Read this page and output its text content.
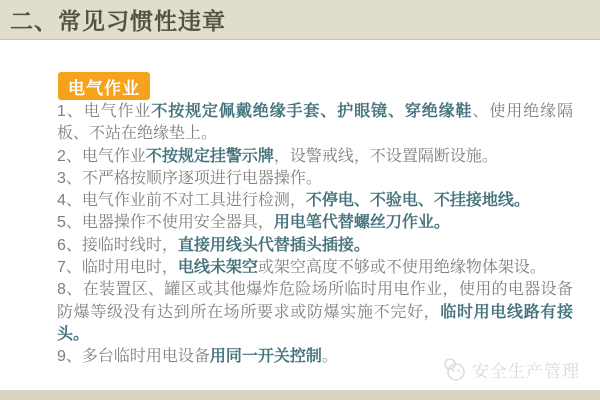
二、常见习惯性违章
电气作业

1、电气作业不按规定佩戴绝缘手套、护眼镜、穿绝缘鞋、使用绝缘隔板、不站在绝缘垫上。

2、电气作业不按规定挂警示牌，设警戒线，不设置隔断设施。

3、不严格按顺序逐项进行电器操作。

4、电气作业前不对工具进行检测，不停电、不验电、不挂接地线。

5、电器操作不使用安全器具，用电笔代替螺丝刀作业。

6、接临时线时，直接用线头代替插头插接。

7、临时用电时，电线未架空或架空高度不够或不使用绝缘物体架设。

8、在装置区、罐区或其他爆炸危险场所临时用电作业，使用的电器设备防爆等级没有达到所在场所要求或防爆实施不完好，临时用电线路有接头。

9、多台临时用电设备用同一开关控制。

安全生产管理
